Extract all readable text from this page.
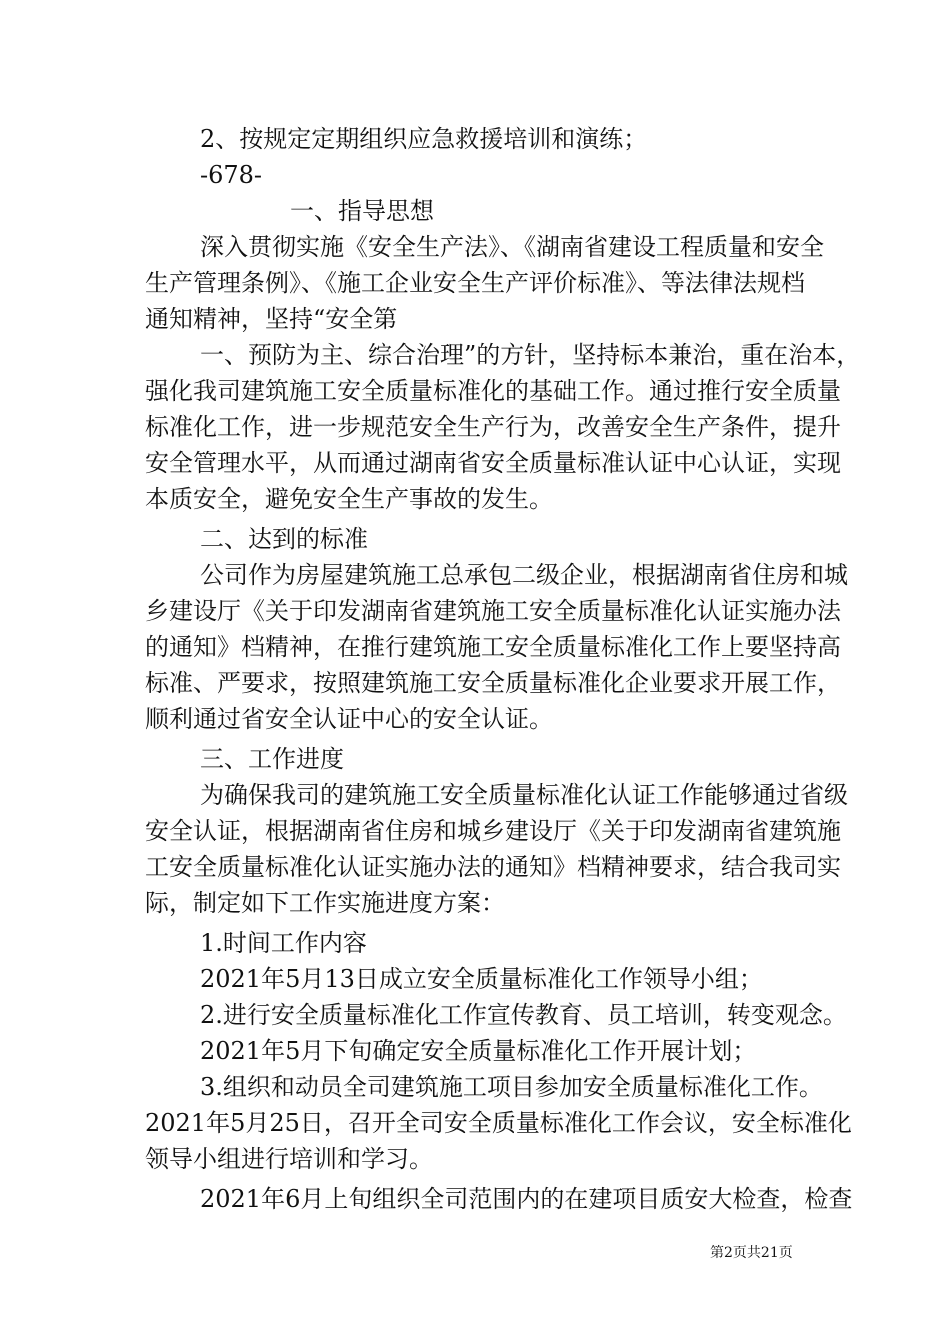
2、按规定定期组织应急救援培训和演练；
-678-
一、指导思想
深入贯彻实施《安全生产法》、《湖南省建设工程质量和安全
生产管理条例》、《施工企业安全生产评价标准》、等法律法规档
通知精神，坚持“安全第
一、预防为主、综合治理”的方针，坚持标本兼治，重在治本，
强化我司建筑施工安全质量标准化的基础工作。通过推行安全质量
标准化工作，进一步规范安全生产行为，改善安全生产条件，提升
安全管理水平，从而通过湖南省安全质量标准认证中心认证，实现
本质安全，避免安全生产事故的发生。
二、达到的标准
公司作为房屋建筑施工总承包二级企业，根据湖南省住房和城
乡建设厅《关于印发湖南省建筑施工安全质量标准化认证实施办法
的通知》档精神，在推行建筑施工安全质量标准化工作上要坚持高
标准、严要求，按照建筑施工安全质量标准化企业要求开展工作，
顺利通过省安全认证中心的安全认证。
三、工作进度
为确保我司的建筑施工安全质量标准化认证工作能够通过省级
安全认证，根据湖南省住房和城乡建设厅《关于印发湖南省建筑施
工安全质量标准化认证实施办法的通知》档精神要求，结合我司实
际，制定如下工作实施进度方案：
1.时间工作内容
2021年5月13日成立安全质量标准化工作领导小组；
2.进行安全质量标准化工作宣传教育、员工培训，转变观念。
2021年5月下旬确定安全质量标准化工作开展计划；
3.组织和动员全司建筑施工项目参加安全质量标准化工作。
2021年5月25日，召开全司安全质量标准化工作会议，安全标准化
领导小组进行培训和学习。
2021年6月上旬组织全司范围内的在建项目质安大检查，检查
第2页共21页
